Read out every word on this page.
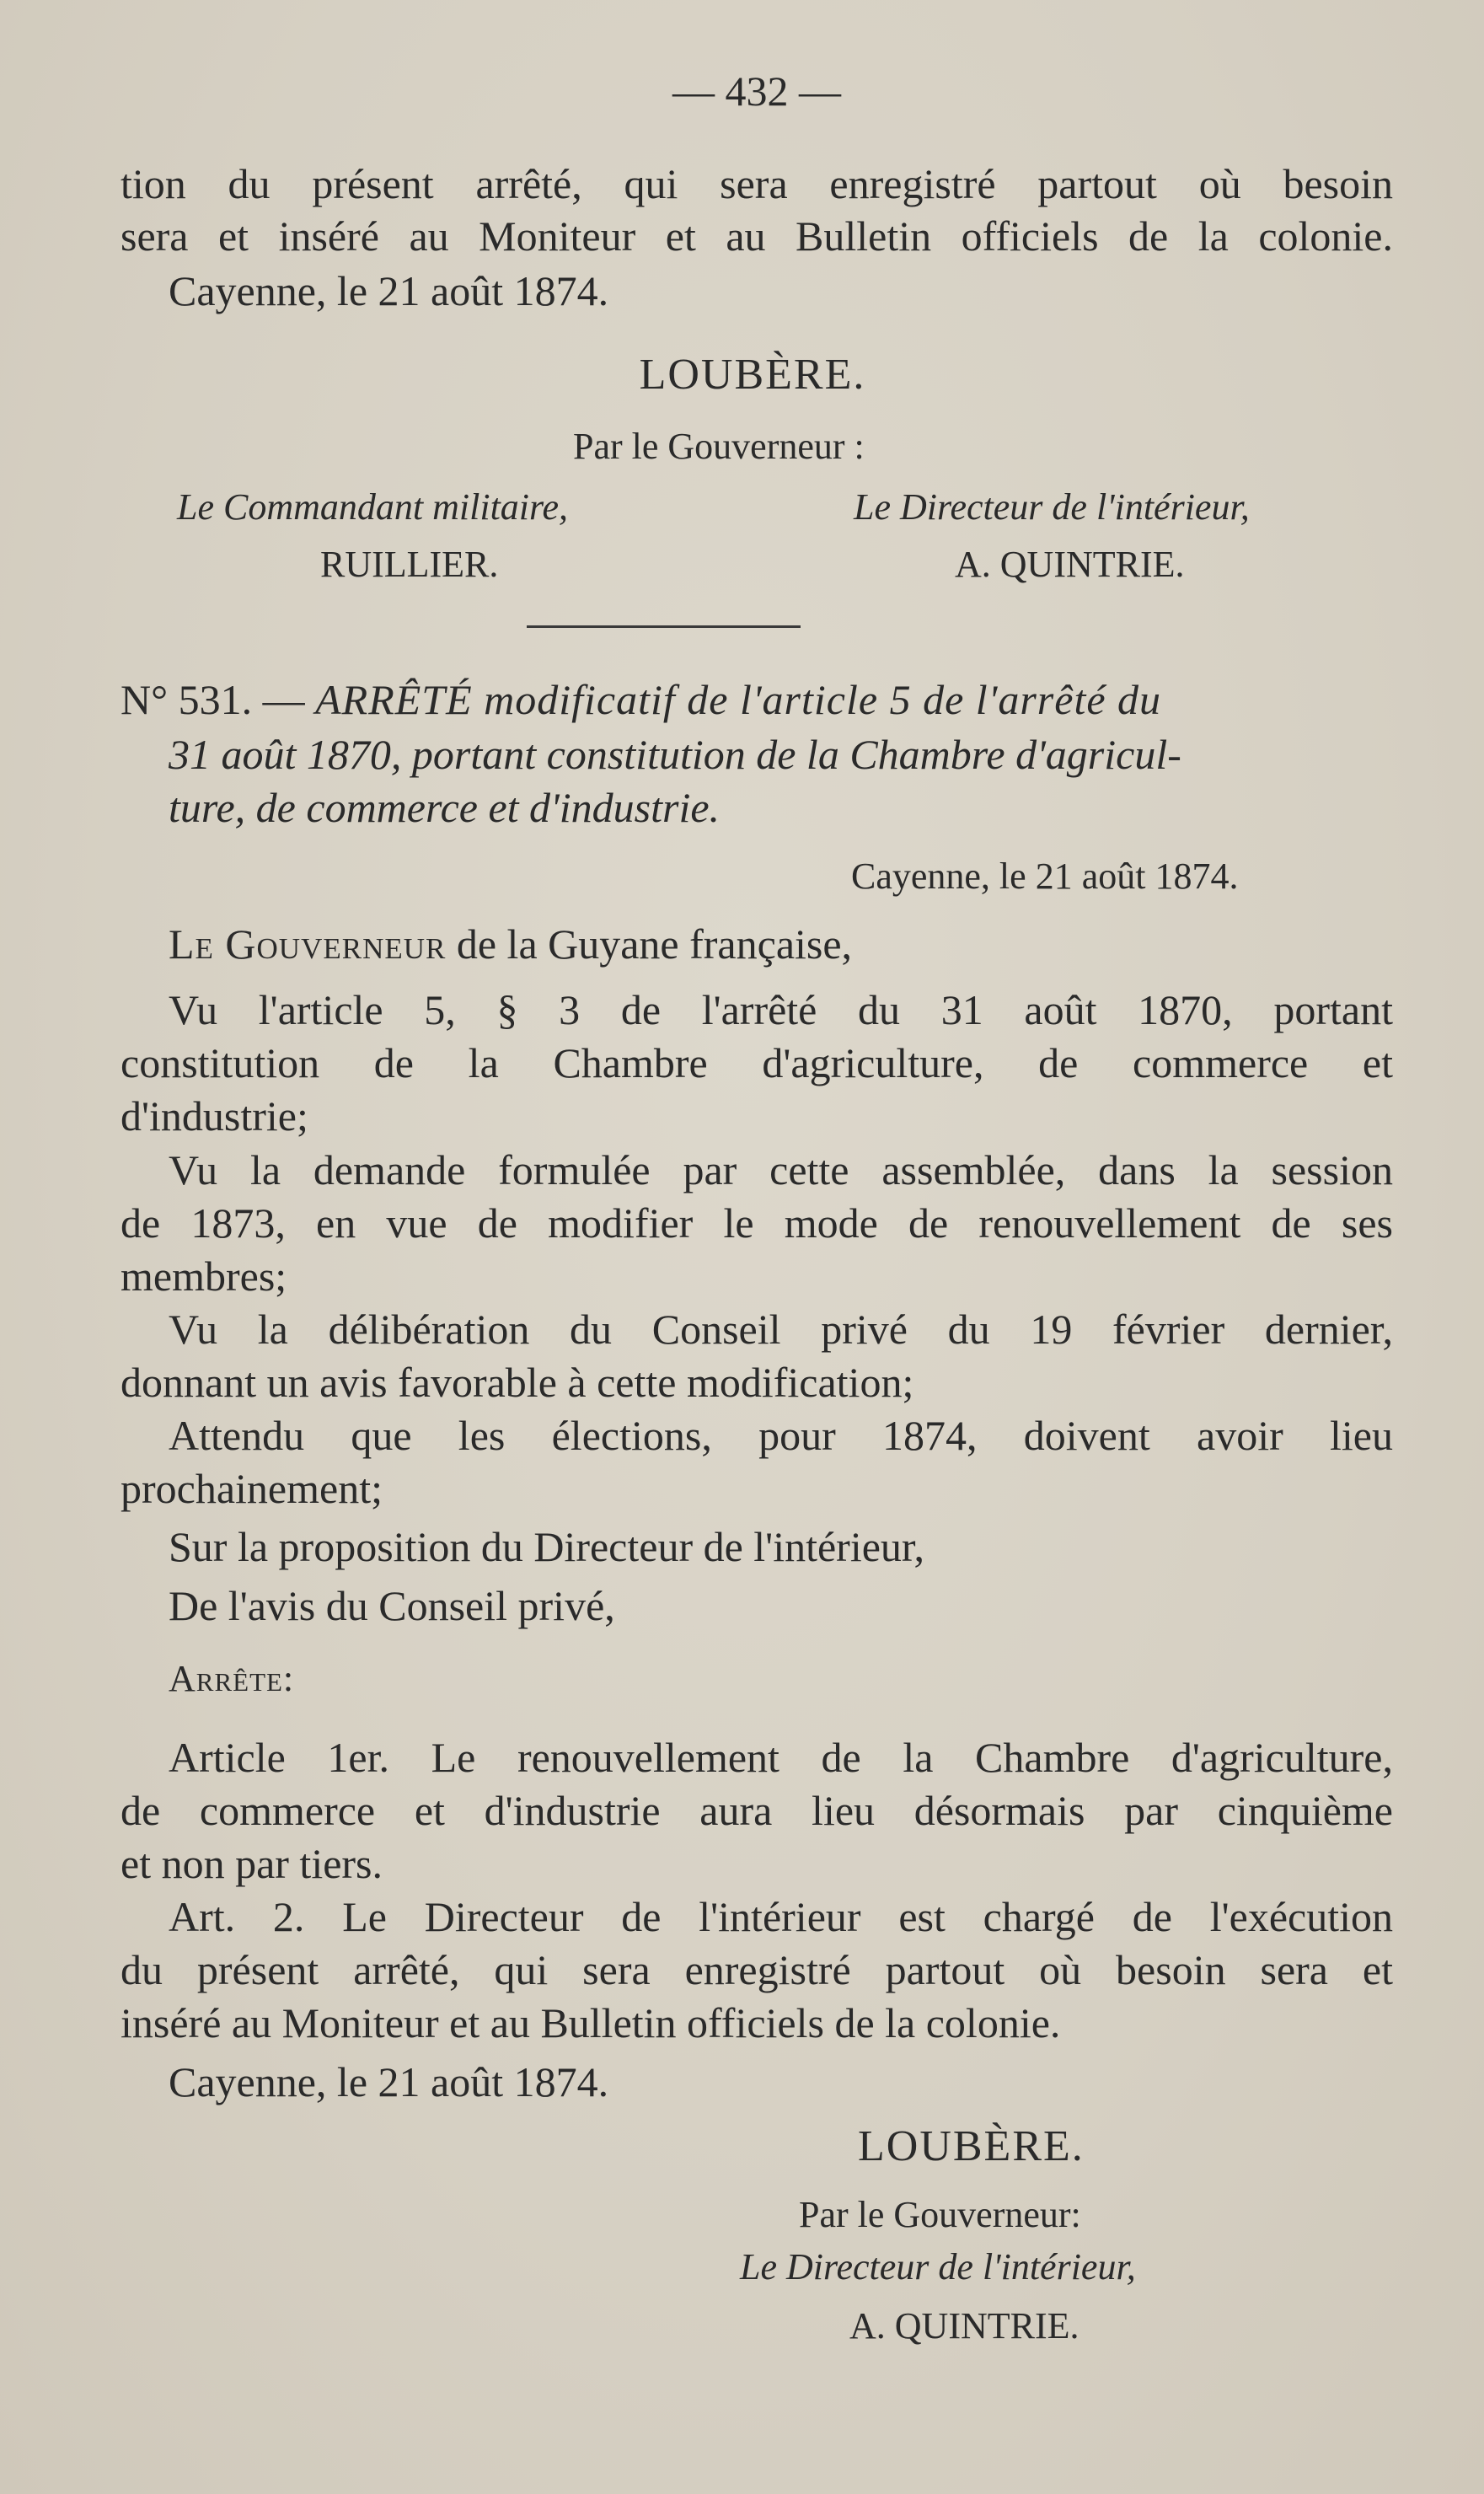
— 432 —
tion du présent arrêté, qui sera enregistré partout où besoin
sera et inséré au Moniteur et au Bulletin officiels de la colonie.
Cayenne, le 21 août 1874.
LOUBÈRE.
Par le Gouverneur :
Le Commandant militaire,	Le Directeur de l'intérieur,
RUILLIER.	A. QUINTRIE.
N° 531. — ARRÊTÉ modificatif de l'article 5 de l'arrêté du
31 août 1870, portant constitution de la Chambre d'agricul-
ture, de commerce et d'industrie.
Cayenne, le 21 août 1874.
Le Gouverneur de la Guyane française,
Vu l'article 5, § 3 de l'arrêté du 31 août 1870, portant
constitution de la Chambre d'agriculture, de commerce et
d'industrie;
Vu la demande formulée par cette assemblée, dans la session
de 1873, en vue de modifier le mode de renouvellement de ses
membres;
Vu la délibération du Conseil privé du 19 février dernier,
donnant un avis favorable à cette modification;
Attendu que les élections, pour 1874, doivent avoir lieu
prochainement;
Sur la proposition du Directeur de l'intérieur,
De l'avis du Conseil privé,
Arrête:
Article 1er. Le renouvellement de la Chambre d'agriculture,
de commerce et d'industrie aura lieu désormais par cinquième
et non par tiers.
Art. 2. Le Directeur de l'intérieur est chargé de l'exécution
du présent arrêté, qui sera enregistré partout où besoin sera et
inséré au Moniteur et au Bulletin officiels de la colonie.
Cayenne, le 21 août 1874.
LOUBÈRE.
Par le Gouverneur:
Le Directeur de l'intérieur,
A. QUINTRIE.
